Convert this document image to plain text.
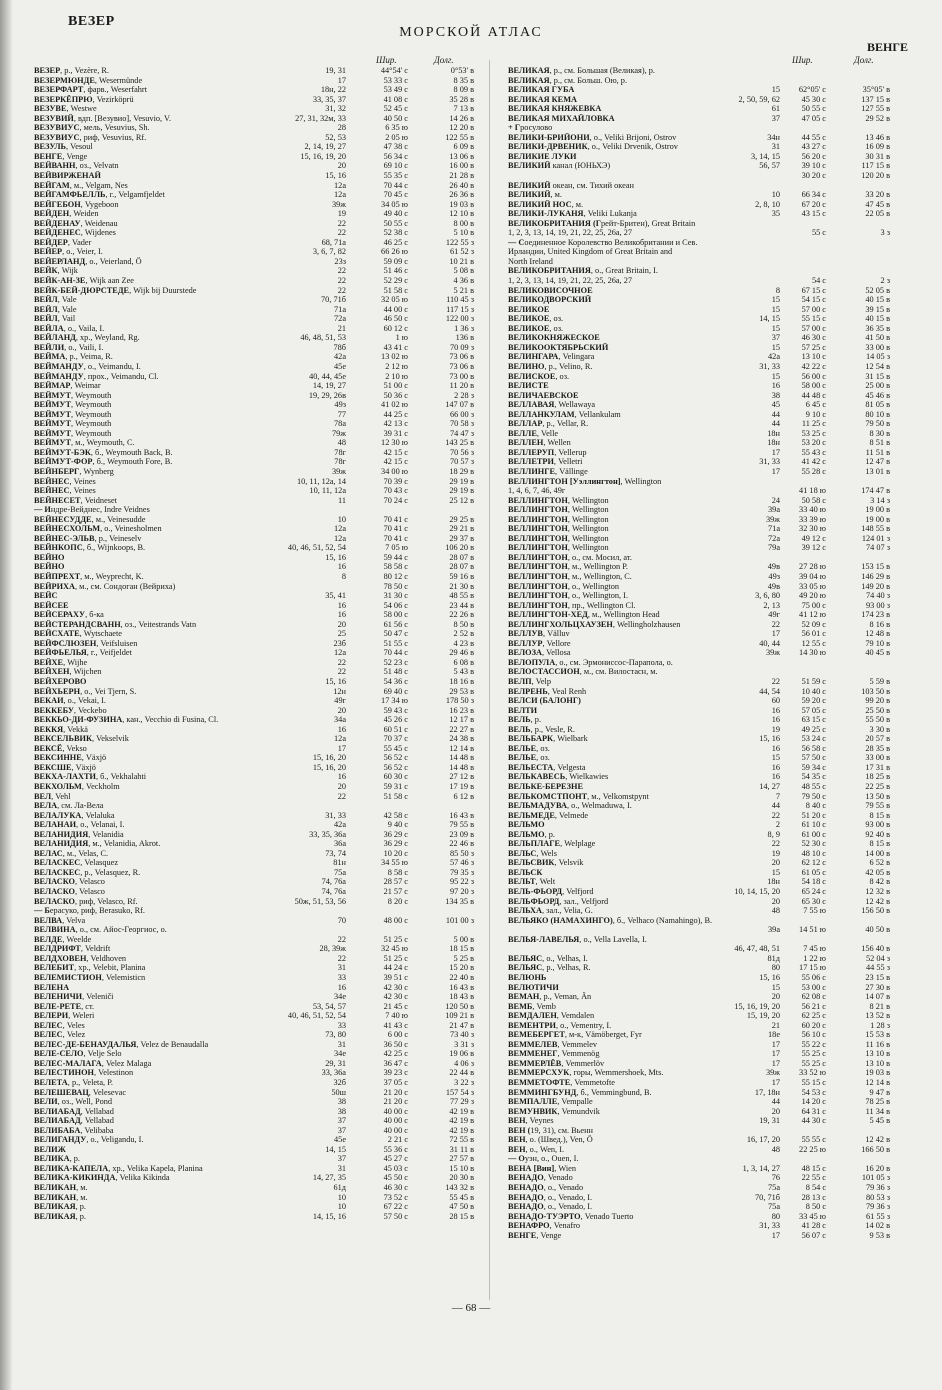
ВЕЗЕР
МОРСКОЙ АТЛАС
ВЕНГЕ
Шир.	Долг.
ВЕЗЕР, р., Vezère, R.	19, 31	44°54' с	0°53' в
ВЕЗЕРМЮНДЕ, Wesermünde	17	53 33 с	8 35 в
ВЕЗЕРФАРТ, фарв., Weserfahrt	18н, 22	53 49 с	8 09 в
ВЕЗЕРКЁПРЮ, Vezirköprü	33, 35, 37	41 08 с	35 28 в
ВЕЗУВЕ, Westwe	31, 32	52 45 с	7 13 в
ВЕЗУВИЙ, вдп. [Везувио], Vesuvio, V.	27, 31, 32м, 33	40 50 с	14 26 в
ВЕЗУВИУС, мель, Vesuvius, Sh.	28	6 35 ю	12 20 в
ВЕЗУВИУС, риф, Vesuvius, Rf.	52, 53	2 05 ю	122 55 в
ВЕЗУЛЬ, Vesoul	2, 14, 19, 27	47 38 с	6 09 в
ВЕНГЕ, Venge	15, 16, 19, 20	56 34 с	13 06 в
ВЕЙВАНН, оз., Velvatn	20	69 10 с	16 00 в
ВЕЙВИРЖЕНАЙ	15, 16	55 35 с	21 28 в
ВЕЙГАМ, м., Velgam, Nes	12a	70 44 с	26 40 в
ВЕЙГАМФЬЕЛЛЬ, г., Velgamfjeldet	12a	70 45 с	26 36 в
ВЕЙГЕБОН, Vygeboon	39ж	34 05 ю	19 03 в
ВЕЙДЕН, Weiden	19	49 40 с	12 10 в
ВЕЙДЕНАУ, Weidenau	22	50 55 с	8 00 в
ВЕЙДЕНЕС, Wijdenes	22	52 38 с	5 10 в
ВЕЙДЕР, Vader	68, 71a	46 25 с	122 55 з
ВЕЙЕР, о., Veier, I.	3, 6, 7, 82	66 26 ю	61 52 з
ВЕЙЕРЛАНД, о., Veierland, Ö	23з	59 09 с	10 21 в
ВЕЙК, Wijk	22	51 46 с	5 08 в
ВЕЙК-АН-ЗЕ, Wijk aan Zee	22	52 29 с	4 36 в
ВЕЙК-БЕЙ-ДЮРСТЕДЕ, Wijk bij Duurstede	22	51 58 с	5 21 в
ВЕЙЛ, Vale	70, 71б	32 05 ю	110 45 з
ВЕЙЛ, Vale	71a	44 00 с	117 15 з
ВЕЙЛ, Vail	72a	46 50 с	122 00 з
ВЕЙЛА, о., Vaila, I.	21	60 12 с	1 36 з
ВЕЙЛАНД, хр., Weyland, Rg.	46, 48, 51, 53	1 ю	136 в
ВЕЙЛИ, о., Vaili, I.	78б	43 41 с	70 09 з
ВЕЙМА, р., Veima, R.	42a	13 02 ю	73 06 в
ВЕЙМАНДУ, о., Veimandu, I.	45e	2 12 ю	73 06 в
ВЕЙМАНДУ, прох., Veimandu, Cl.	40, 44, 45e	2 10 ю	73 00 в
ВЕЙМАР, Weimar	14, 19, 27	51 00 с	11 20 в
ВЕЙМУТ, Weymouth	19, 29, 26в	50 36 с	2 28 з
ВЕЙМУТ, Weymouth	49з	41 02 ю	147 07 в
ВЕЙМУТ, Weymouth	77	44 25 с	66 00 з
ВЕЙМУТ, Weymouth	78a	42 13 с	70 58 з
ВЕЙМУТ, Weymouth	79ж	39 31 с	74 47 з
ВЕЙМУТ, м., Weymouth, C.	48	12 30 ю	143 25 в
ВЕЙМУТ-БЭК, б., Weymouth Back, B.	78г	42 15 с	70 56 з
ВЕЙМУТ-ФОР, б., Weymouth Fore, B.	78г	42 15 с	70 57 з
ВЕЙНБЕРГ, Wynberg	39ж	34 00 ю	18 29 в
ВЕЙНЕС, Veines	10, 11, 12a, 14	70 39 с	29 19 в
ВЕЙНЕС, Veines	10, 11, 12a	70 43 с	29 19 в
ВЕЙНЕСЕТ, Veidneset	11	70 24 с	25 12 в
— Индре-Вейднес, Indre Veidnes
ВЕЙНЕСУДДЕ, м., Veinesudde	10	70 41 с	29 25 в
ВЕЙНЕСХОЛЬМ, о., Veinesholmen	12a	70 41 с	29 21 в
ВЕЙНЕС-ЭЛЬВ, р., Veineselv	12a	70 41 с	29 37 в
ВЕЙНКОПС, б., Wijnkoops, B.	40, 46, 51, 52, 54	7 05 ю	106 20 в
ВЕЙНО	15, 16	59 44 с	28 07 в
ВЕЙНО	16	58 58 с	28 07 в
ВЕЙПРЕХТ, м., Weyprecht, K.	8	80 12 с	59 16 в
ВЕЙРИХА, м., см. Сондоган (Вейриха)	78 50 с	21 30 в
ВЕЙС	35, 41	31 30 с	48 55 в
ВЕЙСЕЕ	16	54 06 с	23 44 в
ВЕЙСЕРАХУ, б-ка	16	58 00 с	22 26 в
ВЕЙСТЕРАНДСВАНН, оз., Veitestrands Vatn	20	61 56 с	8 50 в
ВЕЙСХАТЕ, Wytschaete	25	50 47 с	2 52 в
ВЕЙФСЛЮЗЕН, Veifsluisen	23б	51 55 с	4 23 в
ВЕЙФЬЕЛЬЯ, г., Veifjeldet	12a	70 44 с	29 46 в
ВЕЙХЕ, Wijhe	22	52 23 с	6 08 в
ВЕЙХЕН, Wijchen	22	51 48 с	5 43 в
ВЕЙХЕРОВО	15, 16	54 36 с	18 16 в
ВЕЙХЬЕРН, о., Vei Tjern, S.	12н	69 40 с	29 53 в
ВЕКАИ, о., Vekai, I.	49г	17 34 ю	178 50 з
ВЕККЕБУ, Veckebo	20	59 43 с	16 23 в
ВЕККЬО-ДИ-ФУЗИНА, кан., Vecchio di Fusina, Cl.	34a	45 26 с	12 17 в
ВЕККЯ, Vekkä	16	60 51 с	22 27 в
ВЕКСЕЛЬВИК, Vekselvik	12a	70 37 с	24 38 в
ВЕКСЁ, Vekso	17	55 45 с	12 14 в
ВЕКСИННЕ, Växjö	15, 16, 20	56 52 с	14 48 в
ВЕКСШЕ, Växjö	15, 16, 20	56 52 с	14 48 в
ВЕКХА-ЛАХТИ, б., Vekhalahti	16	60 30 с	27 12 в
ВЕКХОЛЬМ, Veckholm	20	59 31 с	17 19 в
ВЕЛ, Vehl	22	51 58 с	6 12 в
ВЕЛА, см. Ла-Вела
ВЕЛАЛУКА, Velaluka	31, 33	42 58 с	16 43 в
ВЕЛАНАИ, о., Velanai, I.	42a	9 40 с	79 55 в
ВЕЛАНИДИЯ, Velanidia	33, 35, 36a	36 29 с	23 09 в
ВЕЛАНИДИЯ, м., Velanidia, Akrot.	36a	36 29 с	22 46 в
ВЕЛАС, м., Velas, C.	73, 74	10 20 с	85 50 з
ВЕЛАСКЕС, Velasquez	81н	34 55 ю	57 46 з
ВЕЛАСКЕС, р., Velasquez, R.	75a	8 58 с	79 35 з
ВЕЛАСКО, Velasco	74, 76a	28 57 с	95 22 з
ВЕЛАСКО, Velasco	74, 76a	21 57 с	97 20 з
ВЕЛАСКО, риф, Velasco, Rf.	50ж, 51, 53, 56	8 20 с	134 35 в
— Берасуко, риф, Berasuko, Rf.
ВЕЛВА, Velva	70	48 00 с	101 00 з
ВЕЛВИНА, о., см. Айос-Георгиос, о.
ВЕЛДЕ, Weelde	22	51 25 с	5 00 в
ВЕЛДРИФТ, Veldrift	28, 39ж	32 45 ю	18 15 в
ВЕЛДХОВЕН, Veldhoven	22	51 25 с	5 25 в
ВЕЛЕБИТ, хр., Velebit, Planina	31	44 24 с	15 20 в
ВЕЛЕМИСТИОН, Velemisticn	33	39 51 с	22 40 в
ВЕЛЕНА	16	42 30 с	16 43 в
ВЕЛЕНИЧИ, Veleniči	34e	42 30 с	18 43 в
ВЕЛЕ-РЕТЕ, ст.	53, 54, 57	21 45 с	120 50 в
ВЕЛЕРИ, Weleri	40, 46, 51, 52, 54	7 40 ю	109 21 в
ВЕЛЕС, Veles	33	41 43 с	21 47 в
ВЕЛЕС, Velez	73, 80	6 00 с	73 40 з
ВЕЛЕС-ДЕ-БЕНАУДАЛЬЯ, Velez de Benaudalla	31	36 50 с	3 31 з
ВЕЛЕ-СЕЛО, Velje Selo	34e	42 25 с	19 06 в
ВЕЛЕС-МАЛАГА, Velez Malaga	29, 31	36 47 с	4 06 з
ВЕЛЕСТИНОН, Velestinon	33, 36a	39 23 с	22 44 в
ВЕЛЕТА, р., Veleta, P.	32б	37 05 с	3 22 з
ВЕЛЕШЕВАЦ, Velesevac	50ш	21 20 с	157 54 з
ВЕЛИ, оз., Well, Pond	38	21 20 с	77 29 з
ВЕЛИАБАД, Vellabad	38	40 00 с	42 19 в
ВЕЛИАБАД, Vellabad	37	40 00 с	42 19 в
ВЕЛИБАБА, Velibaba	37	40 00 с	42 19 в
ВЕЛИГАНДУ, о., Veligandu, I.	45e	2 21 с	72 55 в
ВЕЛИЖ	14, 15	55 36 с	31 11 в
ВЕЛИКА, р.	37	45 27 с	27 57 в
ВЕЛИКА-КАПЕЛА, хр., Velika Kapela, Planina	31	45 03 с	15 10 в
ВЕЛИКА-КИКИНДА, Velika Kikinda	14, 27, 35	45 50 с	20 30 в
ВЕЛИКАН, м.	61д	46 30 с	143 32 в
ВЕЛИКАН, м.	10	73 52 с	55 45 в
ВЕЛИКАЯ, р.	10	67 22 с	47 50 в
ВЕЛИКАЯ, р.	14, 15, 16	57 50 с	28 15 в
Шир.	Долг.
ВЕЛИКАЯ, р., см. Большая (Великая), р.
ВЕЛИКАЯ, р., см. Больш. Ою, р.
ВЕЛИКАЯ ГУБА	15	62°05' с	35°05' в
ВЕЛИКАЯ КЕМА	2, 50, 59, 62	45 30 с	137 15 в
ВЕЛИКАЯ КНЯЖЕВКА	61	50 55 с	127 55 в
ВЕЛИКАЯ МИХАЙЛОВКА	37	47 05 с	29 52 в
+ Гросулово
ВЕЛИКИ-БРИЙОНИ, о., Veliki Brijoni, Ostrov	34н	44 55 с	13 46 в
ВЕЛИКИ-ДРВЕНИК, о., Veliki Drvenik, Ostrov	31	43 27 с	16 09 в
ВЕЛИКИЕ ЛУКИ	3, 14, 15	56 20 с	30 31 в
ВЕЛИКИЙ канал (ЮНЬХЭ)	56, 57	39 10 с	117 15 в
30 20 с	120 20 в
ВЕЛИКИЙ океан, см. Тихий океан
ВЕЛИКИЙ, м.	10	66 34 с	33 20 в
ВЕЛИКИЙ НОС, м.	2, 8, 10	67 20 с	47 45 в
ВЕЛИКИ-ЛУКАНЯ, Veliki Lukanja	35	43 15 с	22 05 в
ВЕЛИКОБРИТАНИЯ (Грейт-Бритен), Great Britain
1, 2, 3, 13, 14, 19, 21, 22, 25, 26a, 27	55 с	3 з
— Соединенное Королевство Великобритании и Сев.
Ирландии, United Kingdom of Great Britain and
North Ireland
ВЕЛИКОБРИТАНИЯ, о., Great Britain, I.
1, 2, 3, 13, 14, 19, 21, 22, 25, 26a, 27	54 с	2 з
ВЕЛИКОВИСОЧНОЕ	8	67 15 с	52 05 в
ВЕЛИКОДВОРСКИЙ	15	54 15 с	40 15 в
ВЕЛИКОЕ	15	57 00 с	39 15 в
ВЕЛИКОЕ, оз.	14, 15	55 15 с	40 15 в
ВЕЛИКОЕ, оз.	15	57 00 с	36 35 в
ВЕЛИКОКНЯЖЕСКОЕ	37	46 30 с	41 50 в
ВЕЛИКООКТЯБРЬСКИЙ	15	57 25 с	33 00 в
ВЕЛИНГАРА, Velingara	42a	13 10 с	14 05 з
ВЕЛИНО, р., Velino, R.	31, 33	42 22 с	12 54 в
ВЕЛИСКОЕ, оз.	15	56 00 с	31 15 в
ВЕЛИСТЕ	16	58 00 с	25 00 в
ВЕЛИЧАЕВСКОЕ	38	44 48 с	45 46 в
ВЕЛЛАВАЯ, Wellawaya	45	6 45 с	81 05 в
ВЕЛЛАНКУЛАМ, Vellankulam	44	9 10 с	80 10 в
ВЕЛЛАР, р., Vellar, R.	44	11 25 с	79 50 в
ВЕЛЛЕ, Velle	18н	53 25 с	8 30 в
ВЕЛЛЕН, Wellen	18н	53 20 с	8 51 в
ВЕЛЛЕРУП, Vellerup	17	55 43 с	11 51 в
ВЕЛЛЕТРИ, Velletri	31, 33	41 42 с	12 47 в
ВЕЛЛИНГЕ, Vällinge	17	55 28 с	13 01 в
ВЕЛЛИНГТОН [Уэллингтон], Wellington
1, 4, 6, 7, 46, 49г	41 18 ю	174 47 в
ВЕЛЛИНГТОН, Wellington	24	50 58 с	3 14 з
ВЕЛЛИНГТОН, Wellington	39a	33 40 ю	19 00 в
ВЕЛЛИНГТОН, Wellington	39ж	33 39 ю	19 00 в
ВЕЛЛИНГТОН, Wellington	71a	32 30 ю	148 55 в
ВЕЛЛИНГТОН, Wellington	72a	49 12 с	124 01 з
ВЕЛЛИНГТОН, Wellington	79a	39 12 с	74 07 з
ВЕЛЛИНГТОН, о., см. Мосил, ат.
ВЕЛЛИНГТОН, м., Wellington P.	49в	27 28 ю	153 15 в
ВЕЛЛИНГТОН, м., Wellington, C.	49з	39 04 ю	146 29 в
ВЕЛЛИНГТОН, о., Wellington	49в	33 05 ю	149 20 в
ВЕЛЛИНГТОН, о., Wellington, I.	3, 6, 80	49 20 ю	74 40 з
ВЕЛЛИНГТОН, пр., Wellington Cl.	2, 13	75 00 с	93 00 з
ВЕЛЛИНГТОН-ХЕД, м., Wellington Head	49г	41 12 ю	174 23 в
ВЕЛЛИНГХОЛЬЦХАУЗЕН, Wellingholzhausen	22	52 09 с	8 16 в
ВЕЛЛУВ, Välluv	17	56 01 с	12 48 в
ВЕЛЛУР, Vellore	40, 44	12 55 с	79 10 в
ВЕЛОЗА, Vellosa	39ж	14 30 ю	40 45 в
ВЕЛОПУЛА, о., см. Эрмониссос-Парапола, о.
ВЕЛОСТАССИОН, м., см. Вилостасн, м.
ВЕЛП, Velp	22	51 59 с	5 59 в
ВЕЛРЕНЬ, Veal Renh	44, 54	10 40 с	103 50 в
ВЕЛСИ (БАЛОНГ)	60	59 20 с	99 20 в
ВЕЛТИ	16	57 05 с	25 50 в
ВЕЛЬ, р.	16	63 15 с	55 50 в
ВЕЛЬ, р., Vesle, R.	19	49 25 с	3 30 в
ВЕЛЬБАРК, Wielbark	15, 16	53 24 с	20 57 в
ВЕЛЬЕ, оз.	16	56 58 с	28 35 в
ВЕЛЬЕ, оз.	15	57 50 с	33 00 в
ВЕЛЬЕСТА, Velgesta	16	59 34 с	17 31 в
ВЕЛЬКАВЕСЬ, Wielkawies	16	54 35 с	18 25 в
ВЕЛЬКЕ-БЕРЕЗНЕ	14, 27	48 55 с	22 25 в
ВЕЛЬКОМСТПОНТ, м., Velkomstpynt	7	79 50 с	13 50 в
ВЕЛЬМАДУВА, о., Welmaduwa, I.	44	8 40 с	79 55 в
ВЕЛЬМЕДЕ, Velmede	22	51 20 с	8 15 в
ВЕЛЬМО	2	61 10 с	93 00 в
ВЕЛЬМО, р.	8, 9	61 00 с	92 40 в
ВЕЛЬПЛАГЕ, Welplage	22	52 30 с	8 15 в
ВЕЛЬС, Wels	19	48 10 с	14 00 в
ВЕЛЬСВИК, Velsvik	20	62 12 с	6 52 в
ВЕЛЬСК	15	61 05 с	42 05 в
ВЕЛЬТ, Welt	18н	54 18 с	8 42 в
ВЕЛЬ-ФЬОРД, Velfjord	10, 14, 15, 20	65 24 с	12 32 в
ВЕЛЬФЬОРД, зал., Velfjord	20	65 30 с	12 42 в
ВЕЛЬХА, зал., Velia, G.	48	7 55 ю	156 50 в
ВЕЛЬЯКО (НАМАХИНГО), б., Velhaco (Namahingo), B.
39a	14 51 ю	40 50 в
ВЕЛЬЯ-ЛАВЕЛЬЯ, о., Vella Lavella, I.
46, 47, 48, 51	7 45 ю	156 40 в
ВЕЛЬЯС, о., Velhas, I.	81д	1 22 ю	52 04 з
ВЕЛЬЯС, р., Velhas, R.	80	17 15 ю	44 55 з
ВЕЛЮНЬ	15, 16	55 06 с	23 15 в
ВЕЛЮТИЧИ	15	53 00 с	27 30 в
ВЕМАН, р., Veman, Än	20	62 08 с	14 07 в
ВЕМБ, Vemb	15, 16, 19, 20	56 21 с	8 21 в
ВЕМДАЛЕН, Vemdalen	15, 19, 20	62 25 с	13 52 в
ВЕМЕНТРИ, о., Vementry, I.	21	60 20 с	1 28 з
ВЕМЕБЕРГЕТ, м-к, Vämöberget, Fyr	18e	56 10 с	15 53 в
ВЕММЕЛЕВ, Vemmelev	17	55 22 с	11 16 в
ВЕММЕНЕГ, Vemmenög	17	55 25 с	13 10 в
ВЕММЕРЛЁВ, Vemmerlöv	17	55 25 с	13 10 в
ВЕММЕРСХУК, горы, Wemmershoek, Mts.	39ж	33 52 ю	19 03 в
ВЕММЕТОФТЕ, Vemmetofte	17	55 15 с	12 14 в
ВЕММИНГБУНД, б., Vemmingbund, B.	17, 18н	54 53 с	9 47 в
ВЕМПАЛЛЕ, Vempalle	44	14 20 с	78 25 в
ВЕМУНВИК, Vemundvik	20	64 31 с	11 34 в
ВЕН, Veynes	19, 31	44 30 с	5 45 в
ВЕН (19, 31), см. Вьенн
ВЕН, о. (Швед.), Ven, Ö	16, 17, 20	55 55 с	12 42 в
ВЕН, о., Wen, I.	48	22 25 ю	166 50 в
— Оуэн, о., Ouen, I.
ВЕНА [Вин], Wien	1, 3, 14, 27	48 15 с	16 20 в
ВЕНАДО, Venado	76	22 55 с	101 05 з
ВЕНАДО, о., Venado	75a	8 54 с	79 36 з
ВЕНАДО, о., Venado, I.	70, 71б	28 13 с	80 53 з
ВЕНАДО, о., Venado, I.	75a	8 50 с	79 36 з
ВЕНАДО-ТУЭРТО, Venado Tuerto	80	33 45 ю	61 55 з
ВЕНАФРО, Venafro	31, 33	41 28 с	14 02 в
ВЕНГЕ, Venge	17	56 07 с	9 53 в
— 68 —
